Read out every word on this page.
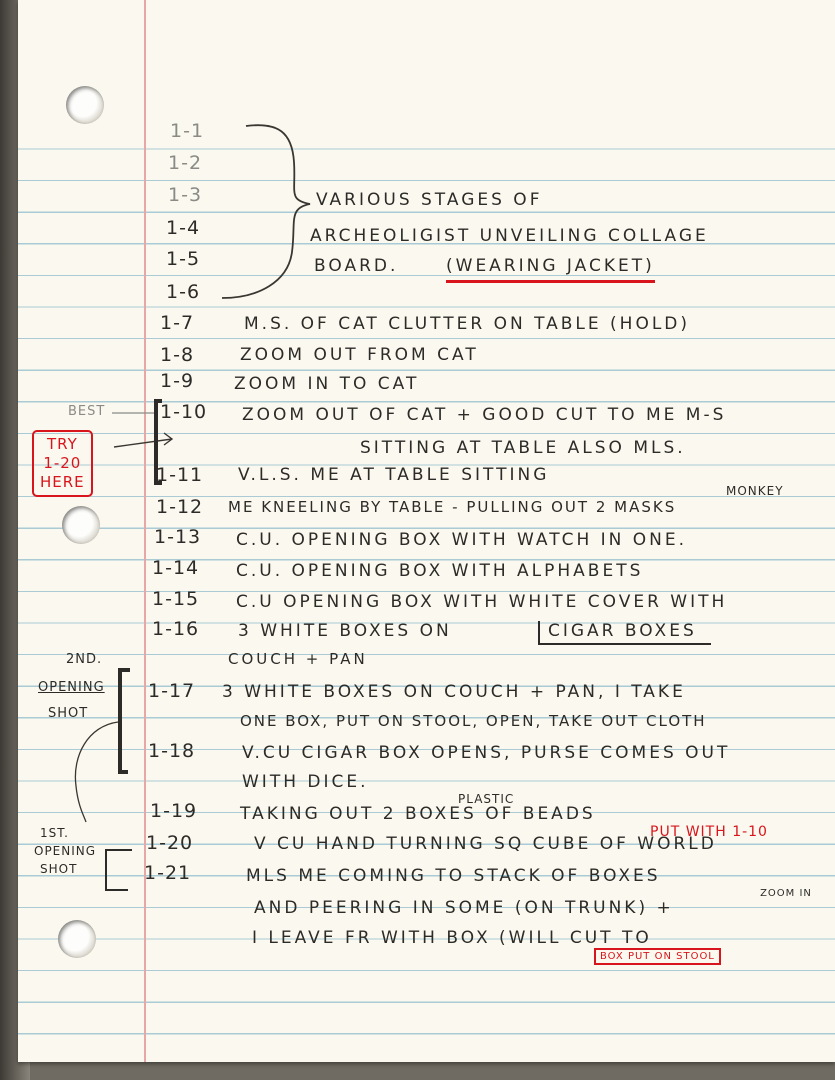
1-1
1-2
1-3
1-4
1-5
1-6
1-7
1-8
1-9
1-10
1-11
1-12
1-13
1-14
1-15
1-16
1-17
1-18
1-19
1-20
1-21
VARIOUS STAGES OF
ARCHEOLIGIST UNVEILING COLLAGE
BOARD.	(WEARING JACKET)
M.S. OF CAT CLUTTER ON TABLE (HOLD)
ZOOM OUT FROM CAT
ZOOM IN TO CAT
ZOOM OUT OF CAT + GOOD CUT TO ME M-S
SITTING AT TABLE ALSO MLS.
V.L.S. ME AT TABLE SITTING
MONKEY
ME KNEELING BY TABLE - PULLING OUT 2 MASKS
C.U. OPENING BOX WITH WATCH IN ONE.
C.U. OPENING BOX WITH ALPHABETS
C.U OPENING BOX WITH WHITE COVER WITH
3 WHITE BOXES ON	CIGAR BOXES
COUCH + PAN
3 WHITE BOXES ON COUCH + PAN, I TAKE
ONE BOX, PUT ON STOOL, OPEN, TAKE OUT CLOTH
V.CU CIGAR BOX OPENS, PURSE COMES OUT
WITH DICE.
PLASTIC
TAKING OUT 2 BOXES OF BEADS
PUT WITH 1-10
V CU HAND TURNING SQ CUBE OF WORLD
MLS ME COMING TO STACK OF BOXES
AND PEERING IN SOME (ON TRUNK) +
ZOOM IN
I LEAVE FR WITH BOX (WILL CUT TO
BOX PUT ON STOOL
BEST
TRY
1-20
HERE
2ND.
OPENING
SHOT
1ST.
OPENING
SHOT
